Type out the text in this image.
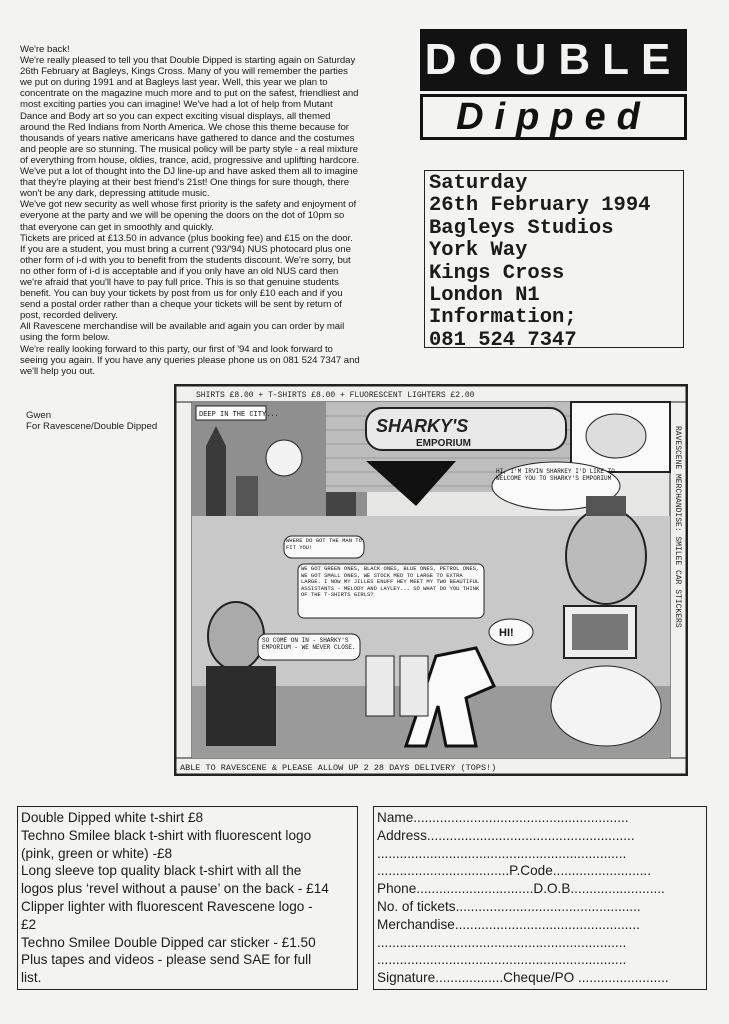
We're back!

We're really pleased to tell you that Double Dipped is starting again on Saturday 26th February at Bagleys, Kings Cross. Many of you will remember the parties we put on during 1991 and at Bagleys last year. Well, this year we plan to concentrate on the magazine much more and to put on the safest, friendliest and most exciting parties you can imagine! We've had a lot of help from Mutant Dance and Body art so you can expect exciting visual displays, all themed around the Red Indians from North America. We chose this theme because for thousands of years native americans have gathered to dance and the costumes and people are so stunning. The musical policy will be party style - a real mixture of everything from house, oldies, trance, acid, progressive and uplifting hardcore. We've put a lot of thought into the DJ line-up and have asked them all to imagine that they're playing at their best friend's 21st! One things for sure though, there won't be any dark, depressing attitude music.

We've got new security as well whose first priority is the safety and enjoyment of everyone at the party and we will be opening the doors on the dot of 10pm so that everyone can get in smoothly and quickly.

Tickets are priced at £13.50 in advance (plus booking fee) and £15 on the door. If you are a student, you must bring a current ('93/'94) NUS photocard plus one other form of i-d with you to benefit from the students discount. We're sorry, but no other form of i-d is acceptable and if you only have an old NUS card then we're afraid that you'll have to pay full price. This is so that genuine students benefit. You can buy your tickets by post from us for only £10 each and if you send a postal order rather than a cheque your tickets will be sent by return of post, recorded delivery.

All Ravescene merchandise will be available and again you can order by mail using the form below.

We're really looking forward to this party, our first of '94 and look forward to seeing you again. If you have any queries please phone us on 081 524 7347 and we'll help you out.

Gwen
For Ravescene/Double Dipped
DOUBLE
Dipped
Saturday
26th February 1994
Bagleys Studios
York Way
Kings Cross
London N1
Information;
081 524 7347
SHIRTS £8.00 + T-SHIRTS £8.00 + FLUORESCENT LIGHTERS £2.00
ABLE TO RAVESCENE & PLEASE ALLOW UP 2 28 DAYS DELIVERY (TOPS!)
RAVESCENE MERCHANDISE: SMILEE CAR STICKERS
DEEP IN THE CITY...
SHARKY'S
EMPORIUM
HI, I'M IRVIN SHARKEY I'D LIKE TO WELCOME YOU TO SHARKY'S EMPORIUM
WHERE DO GOT THE MAN TO FIT YOU!
WE GOT GREEN ONES, BLACK ONES, BLUE ONES, PETROL ONES, WE GOT SMALL ONES, WE STOCK MED TO LARGE TO EXTRA LARGE. I NOW MY JILLES ENUFF HEY MEET MY TWO BEAUTIFUL ASSISTANTS - MELODY AND LAYLEY... SO WHAT DO YOU THINK OF THE T-SHIRTS GIRLS?
SO COME ON IN - SHARKY'S EMPORIUM - WE NEVER CLOSE.
HI!
Double Dipped white t-shirt £8
Techno Smilee black t-shirt with fluorescent logo
(pink, green or white) -£8
Long sleeve top quality black t-shirt with all the
logos plus ‘revel without a pause’ on the back - £14
Clipper lighter with fluorescent Ravescene logo -
£2
Techno Smilee Double Dipped car sticker - £1.50
Plus tapes and videos - please send SAE for full
list.
Name.........................................................
Address.......................................................
..................................................................
...................................P.Code..........................
Phone...............................D.O.B.........................
No. of tickets.................................................
Merchandise.................................................
..................................................................
..................................................................
Signature..................Cheque/PO ........................
